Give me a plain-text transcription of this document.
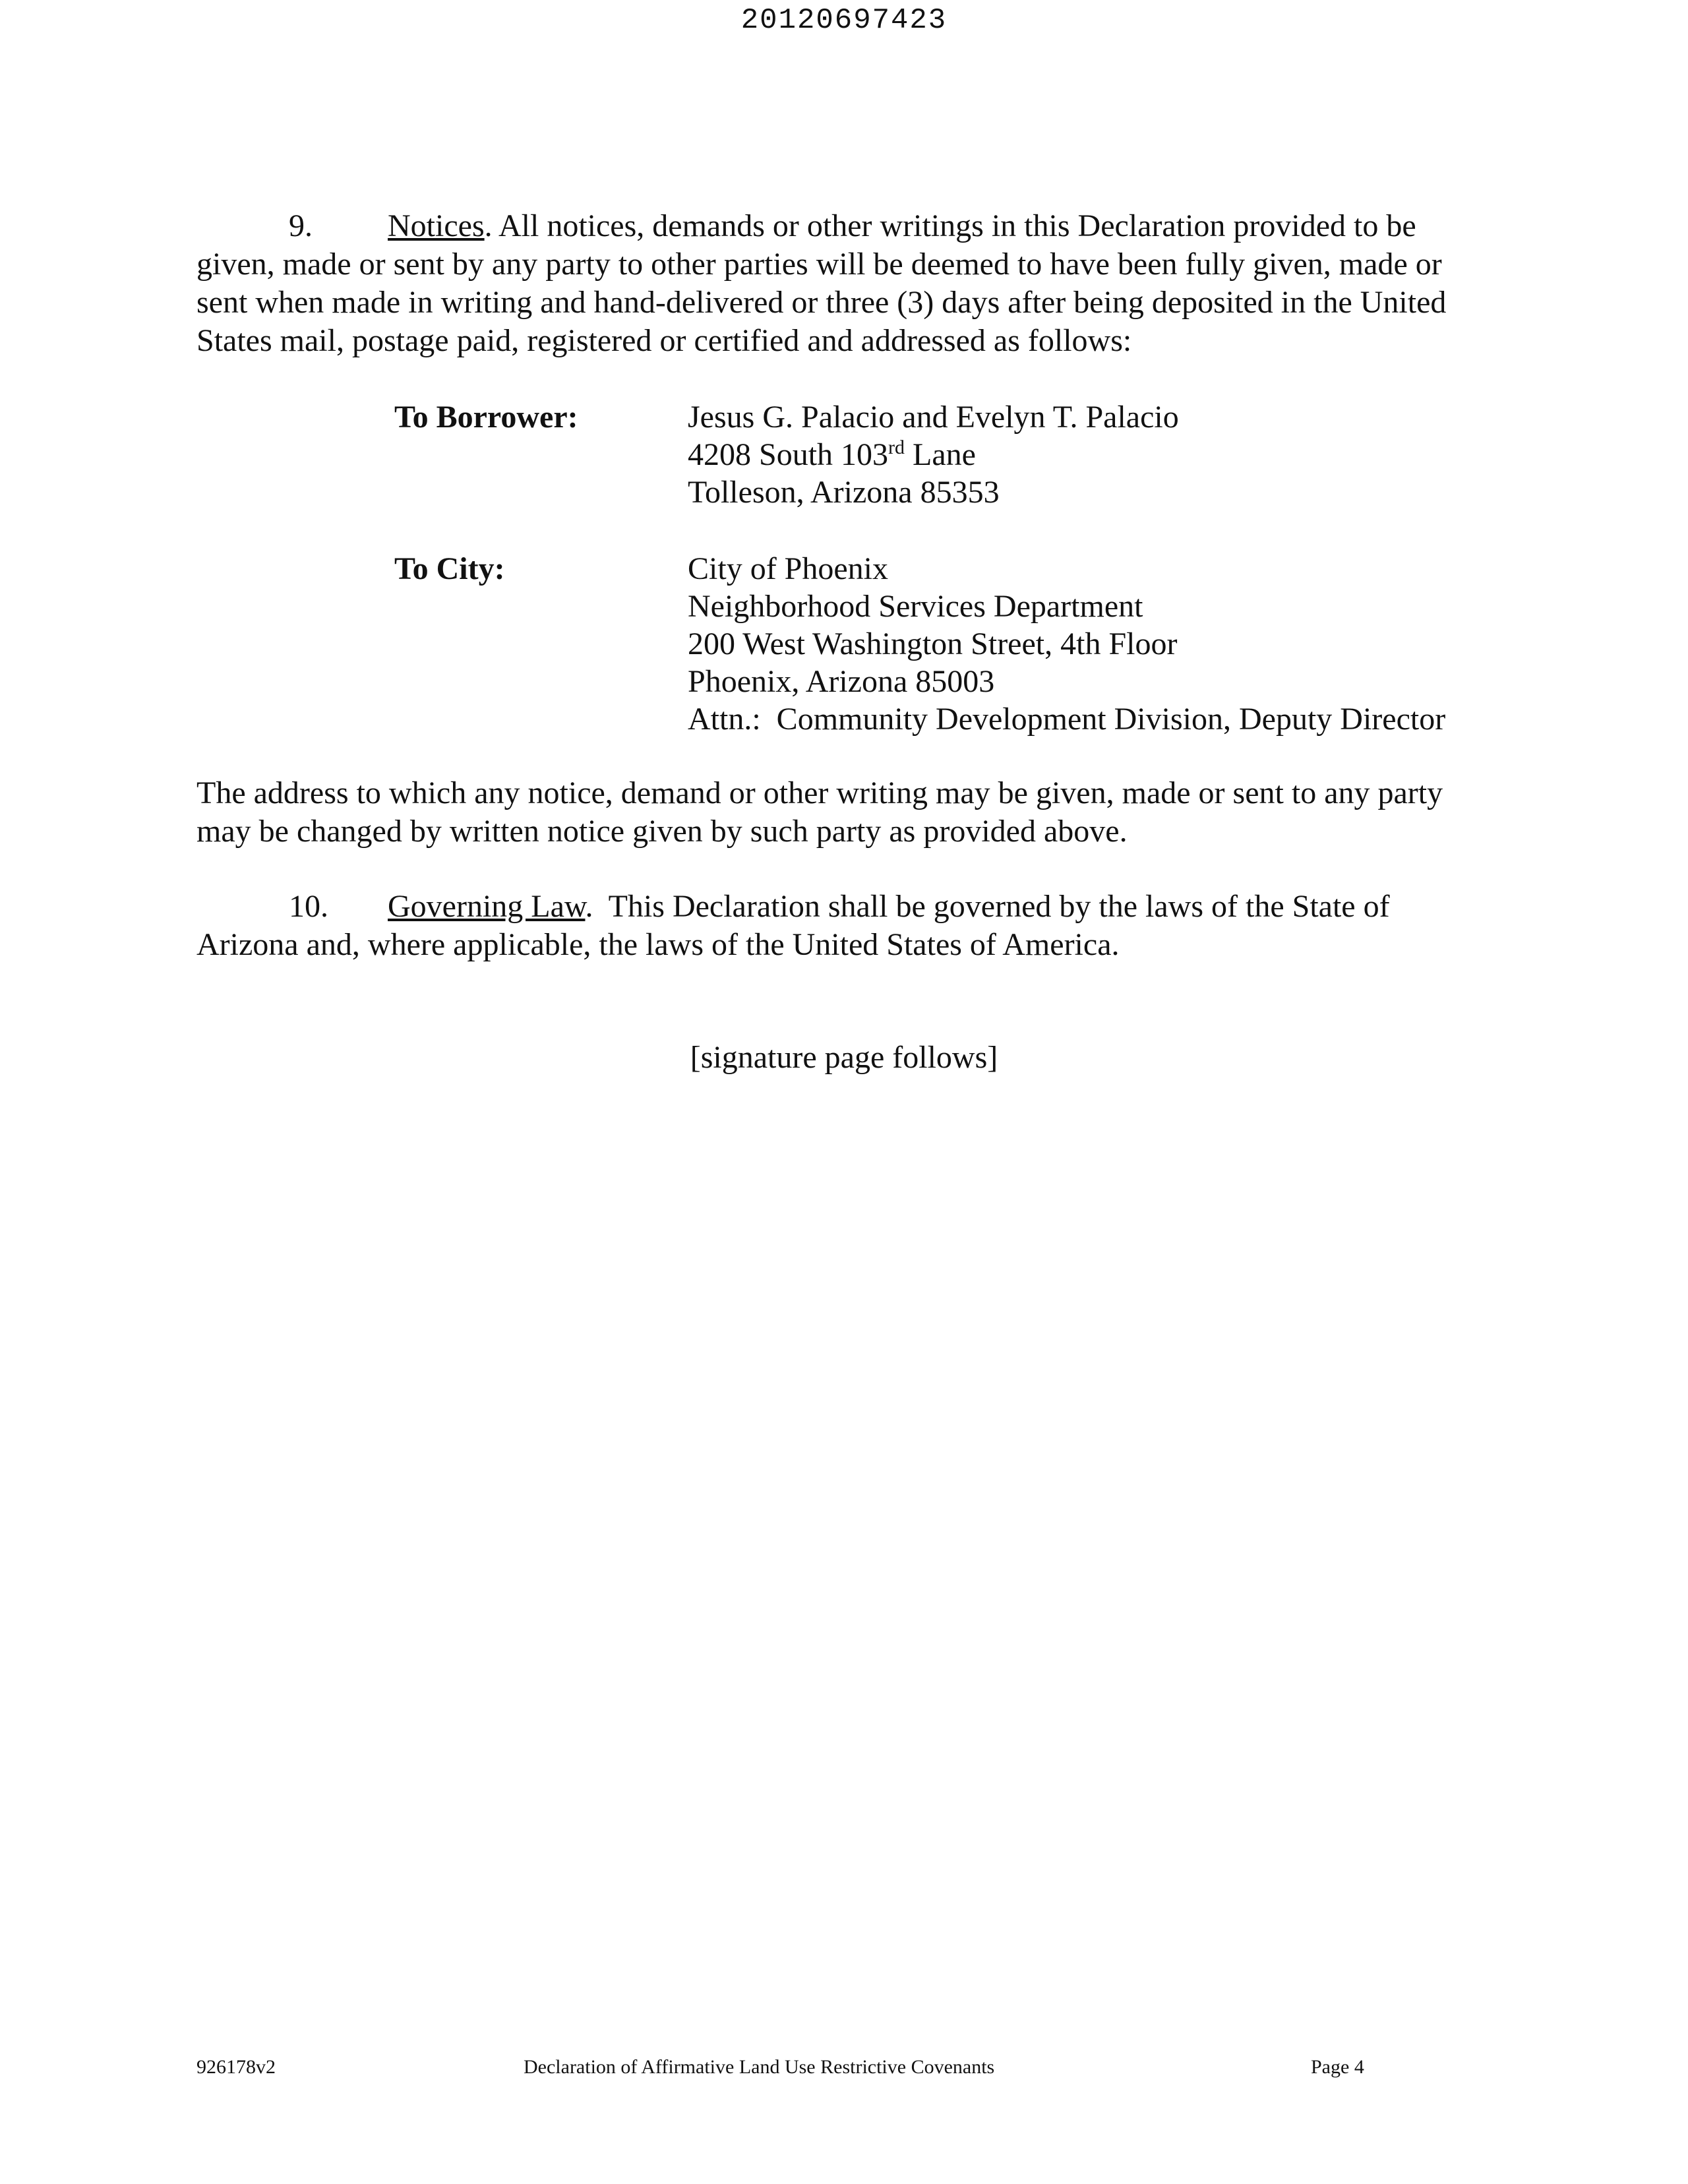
20120697423

9. Notices. All notices, demands or other writings in this Declaration provided to be given, made or sent by any party to other parties will be deemed to have been fully given, made or sent when made in writing and hand-delivered or three (3) days after being deposited in the United States mail, postage paid, registered or certified and addressed as follows:

To Borrower:	Jesus G. Palacio and Evelyn T. Palacio
4208 South 103rd Lane
Tolleson, Arizona 85353
To City:	City of Phoenix
Neighborhood Services Department
200 West Washington Street, 4th Floor
Phoenix, Arizona 85003
Attn.:  Community Development Division, Deputy Director

The address to which any notice, demand or other writing may be given, made or sent to any party may be changed by written notice given by such party as provided above.

10. Governing Law.  This Declaration shall be governed by the laws of the State of Arizona and, where applicable, the laws of the United States of America.

[signature page follows]
926178v2	Declaration of Affirmative Land Use Restrictive Covenants	Page 4
